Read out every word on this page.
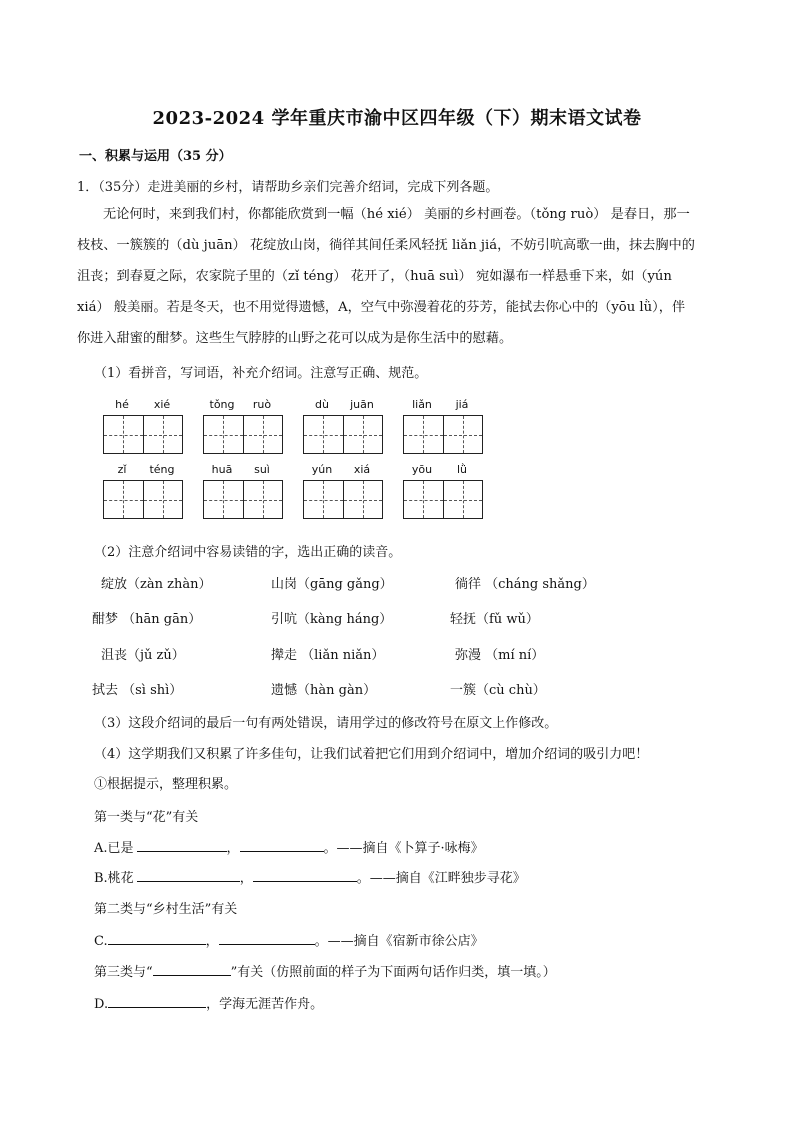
2023-2024 学年重庆市渝中区四年级（下）期末语文试卷
一、积累与运用（35 分）
1．（35分）走进美丽的乡村，请帮助乡亲们完善介绍词，完成下列各题。
无论何时，来到我们村，你都能欣赏到一幅（hé xié） 美丽的乡村画卷。（tǒng ruò） 是春日，那一
枝枝、一簇簇的（dù juān） 花绽放山岗，徜徉其间任柔风轻抚 liǎn jiá，不妨引吭高歌一曲，抹去胸中的
沮丧；到春夏之际，农家院子里的（zǐ téng） 花开了，（huā suì） 宛如瀑布一样悬垂下来，如（yún
xiá） 般美丽。若是冬天，也不用觉得遗憾，A，空气中弥漫着花的芬芳，能拭去你心中的（yōu lǜ），伴
你进入甜蜜的酣梦。这些生气脖脖的山野之花可以成为是你生活中的慰藉。
（1）看拼音，写词语，补充介绍词。注意写正确、规范。
hé	xié	tǒng	ruò	dù	juān	liǎn	jiá
zǐ	téng	huā	suì	yún	xiá	yōu	lǜ
（2）注意介绍词中容易读错的字，选出正确的读音。
绽放（zàn zhàn）	山岗（gāng gǎng）	徜徉 （cháng shǎng）
酣梦 （hān gān）	引吭（kàng háng）	轻抚（fǔ wǔ）
沮丧（jǔ zǔ）	撵走 （liǎn niǎn）	弥漫 （mí ní）
拭去 （sì shì）	遗憾（hàn gàn）	一簇（cù chù）
（3）这段介绍词的最后一句有两处错误，请用学过的修改符号在原文上作修改。
（4）这学期我们又积累了许多佳句，让我们试着把它们用到介绍词中，增加介绍词的吸引力吧！
①根据提示，整理积累。
第一类与“花”有关
A.已是	，	。——摘自《卜算子·咏梅》
B.桃花	，	。——摘自《江畔独步寻花》
第二类与“乡村生活”有关
C.	，	。——摘自《宿新市徐公店》
第三类与“	”有关（仿照前面的样子为下面两句话作归类，填一填。）
D.	，学海无涯苦作舟。
